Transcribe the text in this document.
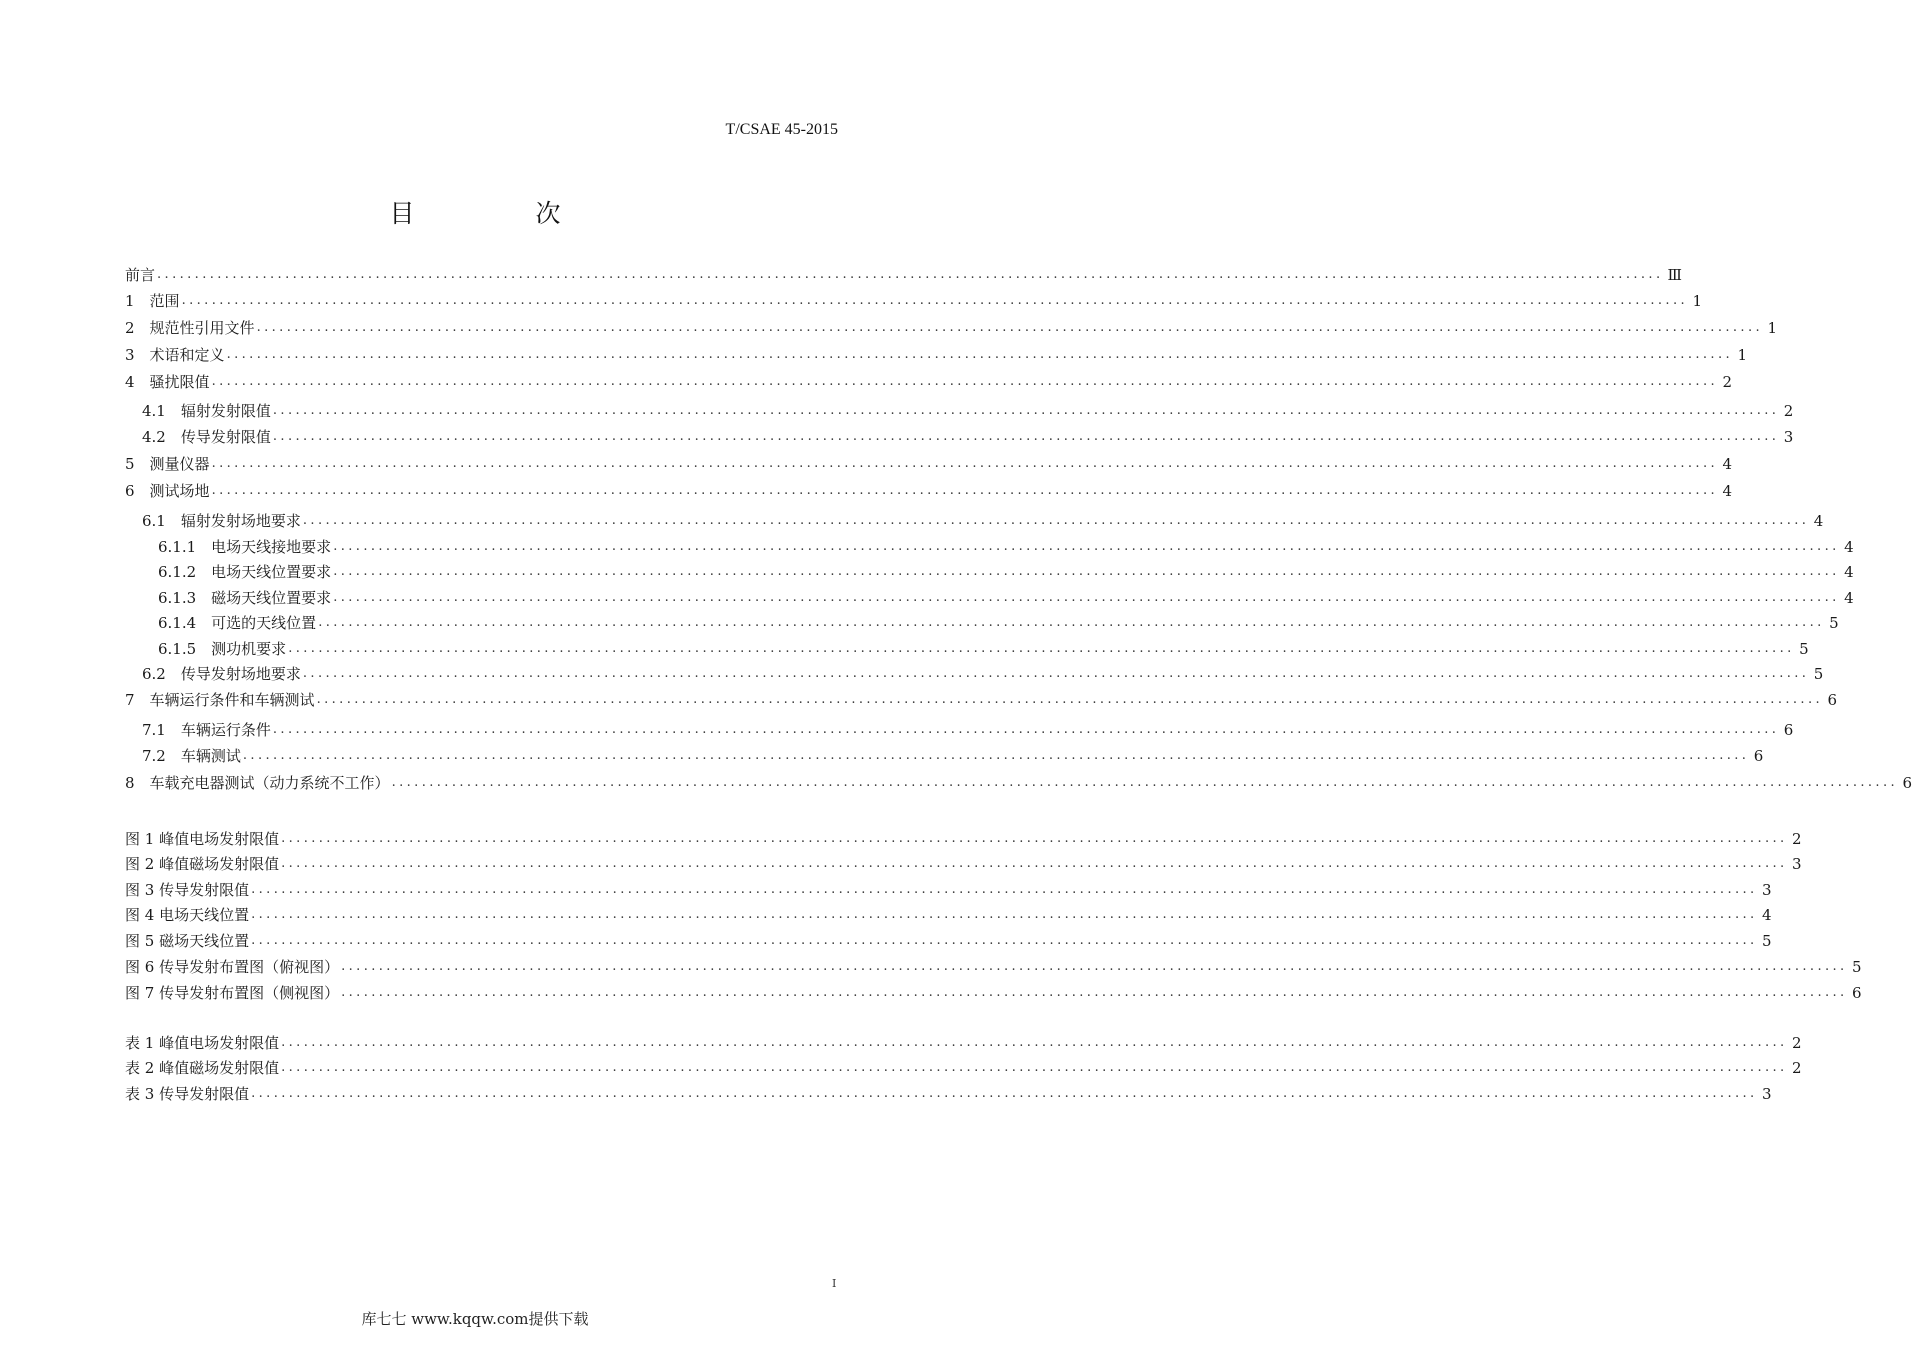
T/CSAE 45-2015
目　次
前言 ........................................................................................................................................................................................................ Ⅲ
1　 范围 ........................................................................................................................................................................................................ 1
2　 规范性引用文件 ........................................................................................................................................................................................................ 1
3　 术语和定义 ........................................................................................................................................................................................................ 1
4　 骚扰限值 ........................................................................................................................................................................................................ 2
4.1　 辐射发射限值 ........................................................................................................................................................................................................ 2
4.2　 传导发射限值 ........................................................................................................................................................................................................ 3
5　 测量仪器 ........................................................................................................................................................................................................ 4
6　 测试场地 ........................................................................................................................................................................................................ 4
6.1　 辐射发射场地要求 ........................................................................................................................................................................................................ 4
6.1.1　 电场天线接地要求 ........................................................................................................................................................................................................ 4
6.1.2　 电场天线位置要求 ........................................................................................................................................................................................................ 4
6.1.3　 磁场天线位置要求 ........................................................................................................................................................................................................ 4
6.1.4　 可选的天线位置 ........................................................................................................................................................................................................ 5
6.1.5　 测功机要求 ........................................................................................................................................................................................................ 5
6.2　 传导发射场地要求 ........................................................................................................................................................................................................ 5
7　 车辆运行条件和车辆测试 ........................................................................................................................................................................................................ 6
7.1　 车辆运行条件 ........................................................................................................................................................................................................ 6
7.2　 车辆测试 ........................................................................................................................................................................................................ 6
8　 车载充电器测试（动力系统不工作） ........................................................................................................................................................................................................ 6
图 1 峰值电场发射限值 ........................................................................................................................................................................................................ 2
图 2 峰值磁场发射限值 ........................................................................................................................................................................................................ 3
图 3 传导发射限值 ........................................................................................................................................................................................................ 3
图 4 电场天线位置 ........................................................................................................................................................................................................ 4
图 5 磁场天线位置 ........................................................................................................................................................................................................ 5
图 6 传导发射布置图（俯视图） ........................................................................................................................................................................................................ 5
图 7 传导发射布置图（侧视图） ........................................................................................................................................................................................................ 6
表 1 峰值电场发射限值 ........................................................................................................................................................................................................ 2
表 2 峰值磁场发射限值 ........................................................................................................................................................................................................ 2
表 3 传导发射限值 ........................................................................................................................................................................................................ 3
I
库七七 www.kqqw.com提供下载
